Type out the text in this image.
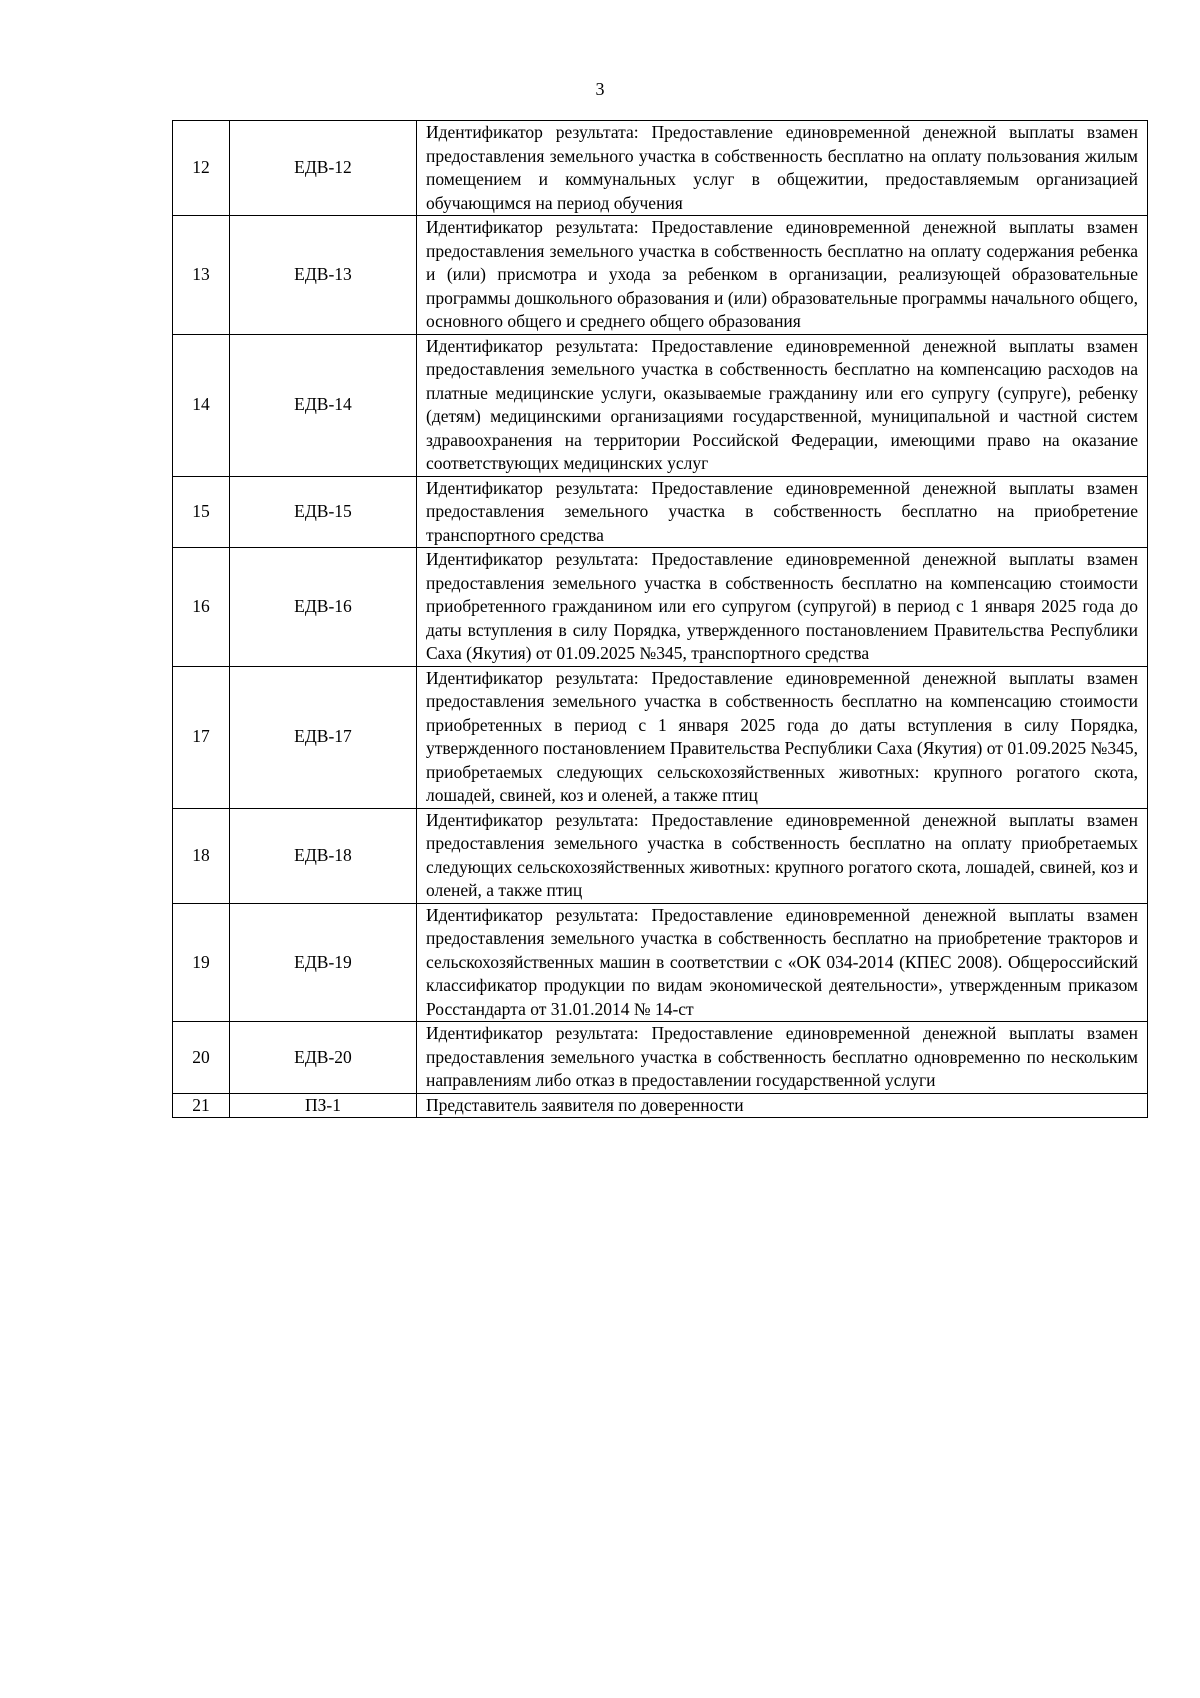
3
12	ЕДВ-12	Идентификатор результата: Предоставление единовременной денежной выплаты взамен предоставления земельного участка в собственность бесплатно на оплату пользования жилым помещением и коммунальных услуг в общежитии, предоставляемым организацией обучающимся на период обучения
13	ЕДВ-13	Идентификатор результата: Предоставление единовременной денежной выплаты взамен предоставления земельного участка в собственность бесплатно на оплату содержания ребенка и (или) присмотра и ухода за ребенком в организации, реализующей образовательные программы дошкольного образования и (или) образовательные программы начального общего, основного общего и среднего общего образования
14	ЕДВ-14	Идентификатор результата: Предоставление единовременной денежной выплаты взамен предоставления земельного участка в собственность бесплатно на компенсацию расходов на платные медицинские услуги, оказываемые гражданину или его супругу (супруге), ребенку (детям) медицинскими организациями государственной, муниципальной и частной систем здравоохранения на территории Российской Федерации, имеющими право на оказание соответствующих медицинских услуг
15	ЕДВ-15	Идентификатор результата: Предоставление единовременной денежной выплаты взамен предоставления земельного участка в собственность бесплатно на приобретение транспортного средства
16	ЕДВ-16	Идентификатор результата: Предоставление единовременной денежной выплаты взамен предоставления земельного участка в собственность бесплатно на компенсацию стоимости приобретенного гражданином или его супругом (супругой) в период с 1 января 2025 года до даты вступления в силу Порядка, утвержденного постановлением Правительства Республики Саха (Якутия) от 01.09.2025 №345, транспортного средства
17	ЕДВ-17	Идентификатор результата: Предоставление единовременной денежной выплаты взамен предоставления земельного участка в собственность бесплатно на компенсацию стоимости приобретенных в период с 1 января 2025 года до даты вступления в силу Порядка, утвержденного постановлением Правительства Республики Саха (Якутия) от 01.09.2025 №345, приобретаемых следующих сельскохозяйственных животных: крупного рогатого скота, лошадей, свиней, коз и оленей, а также птиц
18	ЕДВ-18	Идентификатор результата: Предоставление единовременной денежной выплаты взамен предоставления земельного участка в собственность бесплатно на оплату приобретаемых следующих сельскохозяйственных животных: крупного рогатого скота, лошадей, свиней, коз и оленей, а также птиц
19	ЕДВ-19	Идентификатор результата: Предоставление единовременной денежной выплаты взамен предоставления земельного участка в собственность бесплатно на приобретение тракторов и сельскохозяйственных машин в соответствии с «ОК 034-2014 (КПЕС 2008). Общероссийский классификатор продукции по видам экономической деятельности», утвержденным приказом Росстандарта от 31.01.2014 № 14-ст
20	ЕДВ-20	Идентификатор результата: Предоставление единовременной денежной выплаты взамен предоставления земельного участка в собственность бесплатно одновременно по нескольким направлениям либо отказ в предоставлении государственной услуги
21	ПЗ-1	Представитель заявителя по доверенности
